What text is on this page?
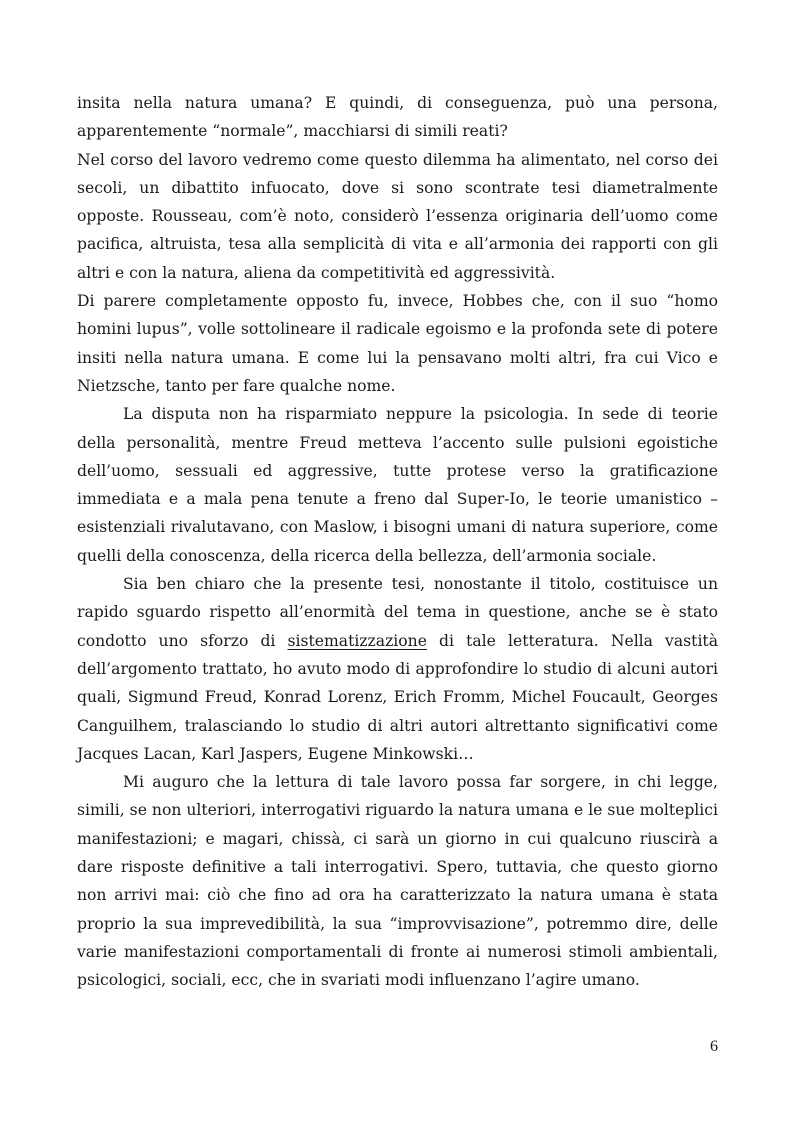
insita nella natura umana? E quindi, di conseguenza, può una persona, apparentemente “normale”, macchiarsi di simili reati?

Nel corso del lavoro vedremo come questo dilemma ha alimentato, nel corso dei secoli, un dibattito infuocato, dove si sono scontrate tesi diametralmente opposte. Rousseau, com’è noto, considerò l’essenza originaria dell’uomo come pacifica, altruista, tesa alla semplicità di vita e all’armonia dei rapporti con gli altri e con la natura, aliena da competitività ed aggressività.

Di parere completamente opposto fu, invece, Hobbes che, con il suo “homo homini lupus”, volle sottolineare il radicale egoismo e la profonda sete di potere insiti nella natura umana. E come lui la pensavano molti altri, fra cui Vico e Nietzsche, tanto per fare qualche nome.

La disputa non ha risparmiato neppure la psicologia. In sede di teorie della personalità, mentre Freud metteva l’accento sulle pulsioni egoistiche dell’uomo, sessuali ed aggressive, tutte protese verso la gratificazione immediata e a mala pena tenute a freno dal Super-Io, le teorie umanistico – esistenziali rivalutavano, con Maslow, i bisogni umani di natura superiore, come quelli della conoscenza, della ricerca della bellezza, dell’armonia sociale.

Sia ben chiaro che la presente tesi, nonostante il titolo, costituisce un rapido sguardo rispetto all’enormità del tema in questione, anche se è stato condotto uno sforzo di sistematizzazione di tale letteratura. Nella vastità dell’argomento trattato, ho avuto modo di approfondire lo studio di alcuni autori quali, Sigmund Freud, Konrad Lorenz, Erich Fromm, Michel Foucault, Georges Canguilhem, tralasciando lo studio di altri autori altrettanto significativi come Jacques Lacan, Karl Jaspers, Eugene Minkowski…

Mi auguro che la lettura di tale lavoro possa far sorgere, in chi legge, simili, se non ulteriori, interrogativi riguardo la natura umana e le sue molteplici manifestazioni; e magari, chissà, ci sarà un giorno in cui qualcuno riuscirà a dare risposte definitive a tali interrogativi. Spero, tuttavia, che questo giorno non arrivi mai: ciò che fino ad ora ha caratterizzato la natura umana è stata proprio la sua imprevedibilità, la sua “improvvisazione”, potremmo dire, delle varie manifestazioni comportamentali di fronte ai numerosi stimoli ambientali, psicologici, sociali, ecc, che in svariati modi influenzano l’agire umano.

6
